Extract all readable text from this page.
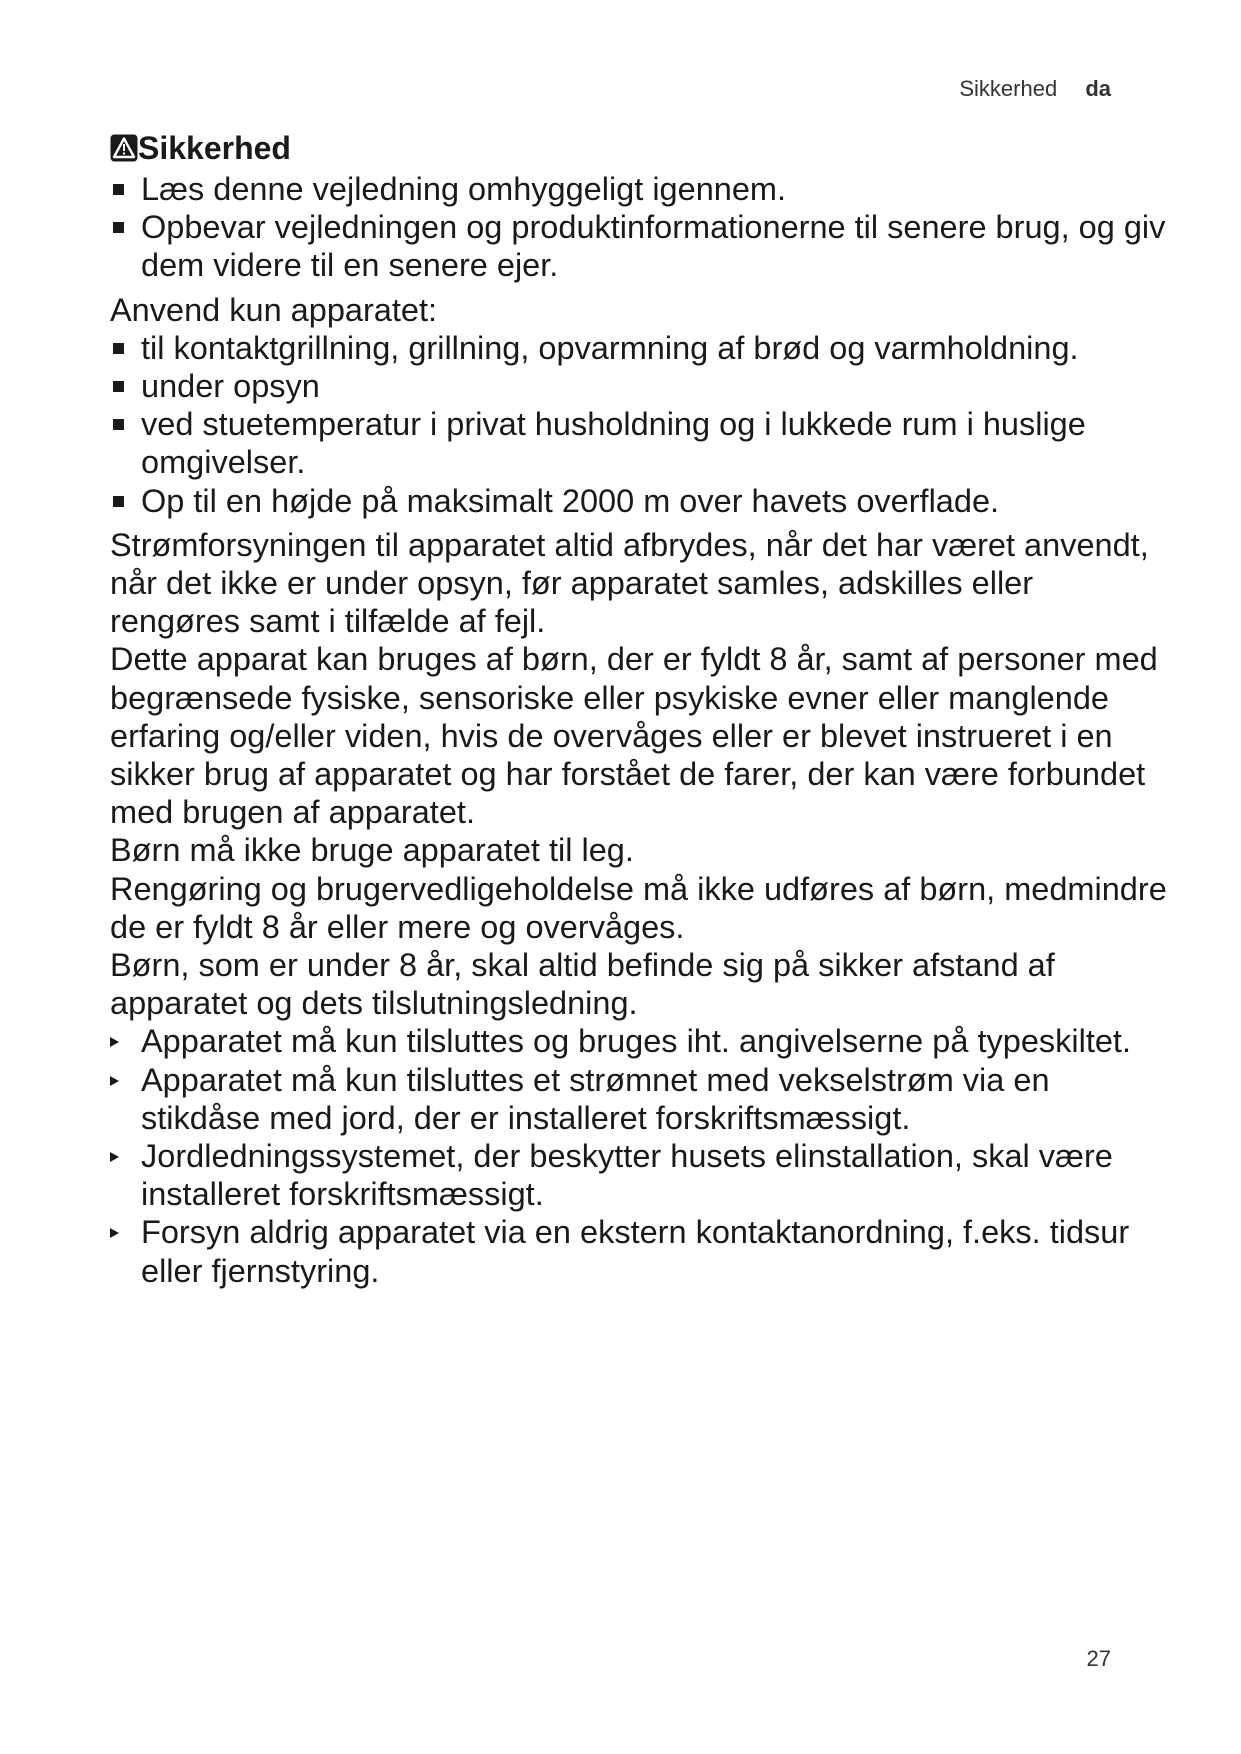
Sikkerhed da
Sikkerhed
Læs denne vejledning omhyggeligt igennem.
Opbevar vejledningen og produktinformationerne til senere brug, og giv dem videre til en senere ejer.

Anvend kun apparatet:

til kontaktgrillning, grillning, opvarmning af brød og varmholdning.
under opsyn
ved stuetemperatur i privat husholdning og i lukkede rum i huslige omgivelser.
Op til en højde på maksimalt 2000 m over havets overflade.

Strømforsyningen til apparatet altid afbrydes, når det har været anvendt, når det ikke er under opsyn, før apparatet samles, adskilles eller rengøres samt i tilfælde af fejl.

Dette apparat kan bruges af børn, der er fyldt 8 år, samt af personer med begrænsede fysiske, sensoriske eller psykiske evner eller manglende erfaring og/eller viden, hvis de overvåges eller er blevet instrueret i en sikker brug af apparatet og har forstået de farer, der kan være forbundet med brugen af apparatet.

Børn må ikke bruge apparatet til leg.

Rengøring og brugervedligeholdelse må ikke udføres af børn, medmindre de er fyldt 8 år eller mere og overvåges.

Børn, som er under 8 år, skal altid befinde sig på sikker afstand af apparatet og dets tilslutningsledning.

Apparatet må kun tilsluttes og bruges iht. angivelserne på typeskiltet.
Apparatet må kun tilsluttes et strømnet med vekselstrøm via en stikdåse med jord, der er installeret forskriftsmæssigt.
Jordledningssystemet, der beskytter husets elinstallation, skal være installeret forskriftsmæssigt.
Forsyn aldrig apparatet via en ekstern kontaktanordning, f.eks. tidsur eller fjernstyring.
27
